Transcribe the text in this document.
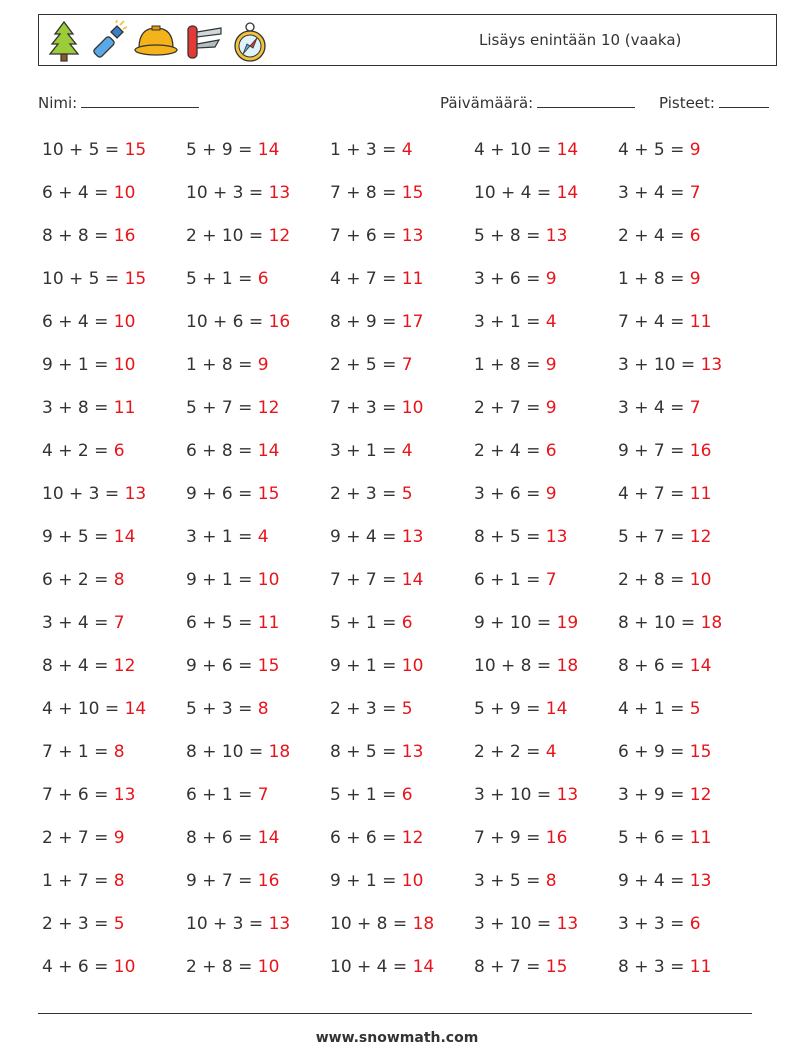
Lisäys enintään 10 (vaaka)
Nimi:	Päivämäärä:	Pisteet:
10 + 5 = 15 5 + 9 = 14	1 + 3 = 4	4 + 10 = 14 4 + 5 = 9
6 + 4 = 10	10 + 3 = 13 7 + 8 = 15	10 + 4 = 14 3 + 4 = 7
8 + 8 = 16	2 + 10 = 12 7 + 6 = 13	5 + 8 = 13	2 + 4 = 6
10 + 5 = 15 5 + 1 = 6	4 + 7 = 11	3 + 6 = 9	1 + 8 = 9
6 + 4 = 10	10 + 6 = 16 8 + 9 = 17	3 + 1 = 4	7 + 4 = 11
9 + 1 = 10	1 + 8 = 9	2 + 5 = 7	1 + 8 = 9	3 + 10 = 13
3 + 8 = 11	5 + 7 = 12	7 + 3 = 10	2 + 7 = 9	3 + 4 = 7
4 + 2 = 6	6 + 8 = 14	3 + 1 = 4	2 + 4 = 6	9 + 7 = 16
10 + 3 = 13 9 + 6 = 15	2 + 3 = 5	3 + 6 = 9	4 + 7 = 11
9 + 5 = 14	3 + 1 = 4	9 + 4 = 13	8 + 5 = 13	5 + 7 = 12
6 + 2 = 8	9 + 1 = 10	7 + 7 = 14	6 + 1 = 7	2 + 8 = 10
3 + 4 = 7	6 + 5 = 11	5 + 1 = 6	9 + 10 = 19 8 + 10 = 18
8 + 4 = 12	9 + 6 = 15	9 + 1 = 10	10 + 8 = 18 8 + 6 = 14
4 + 10 = 14 5 + 3 = 8	2 + 3 = 5	5 + 9 = 14	4 + 1 = 5
7 + 1 = 8	8 + 10 = 18 8 + 5 = 13	2 + 2 = 4	6 + 9 = 15
7 + 6 = 13	6 + 1 = 7	5 + 1 = 6	3 + 10 = 13 3 + 9 = 12
2 + 7 = 9	8 + 6 = 14	6 + 6 = 12	7 + 9 = 16	5 + 6 = 11
1 + 7 = 8	9 + 7 = 16	9 + 1 = 10	3 + 5 = 8	9 + 4 = 13
2 + 3 = 5	10 + 3 = 13 10 + 8 = 18 3 + 10 = 13 3 + 3 = 6
4 + 6 = 10	2 + 8 = 10	10 + 4 = 14 8 + 7 = 15	8 + 3 = 11
www.snowmath.com
